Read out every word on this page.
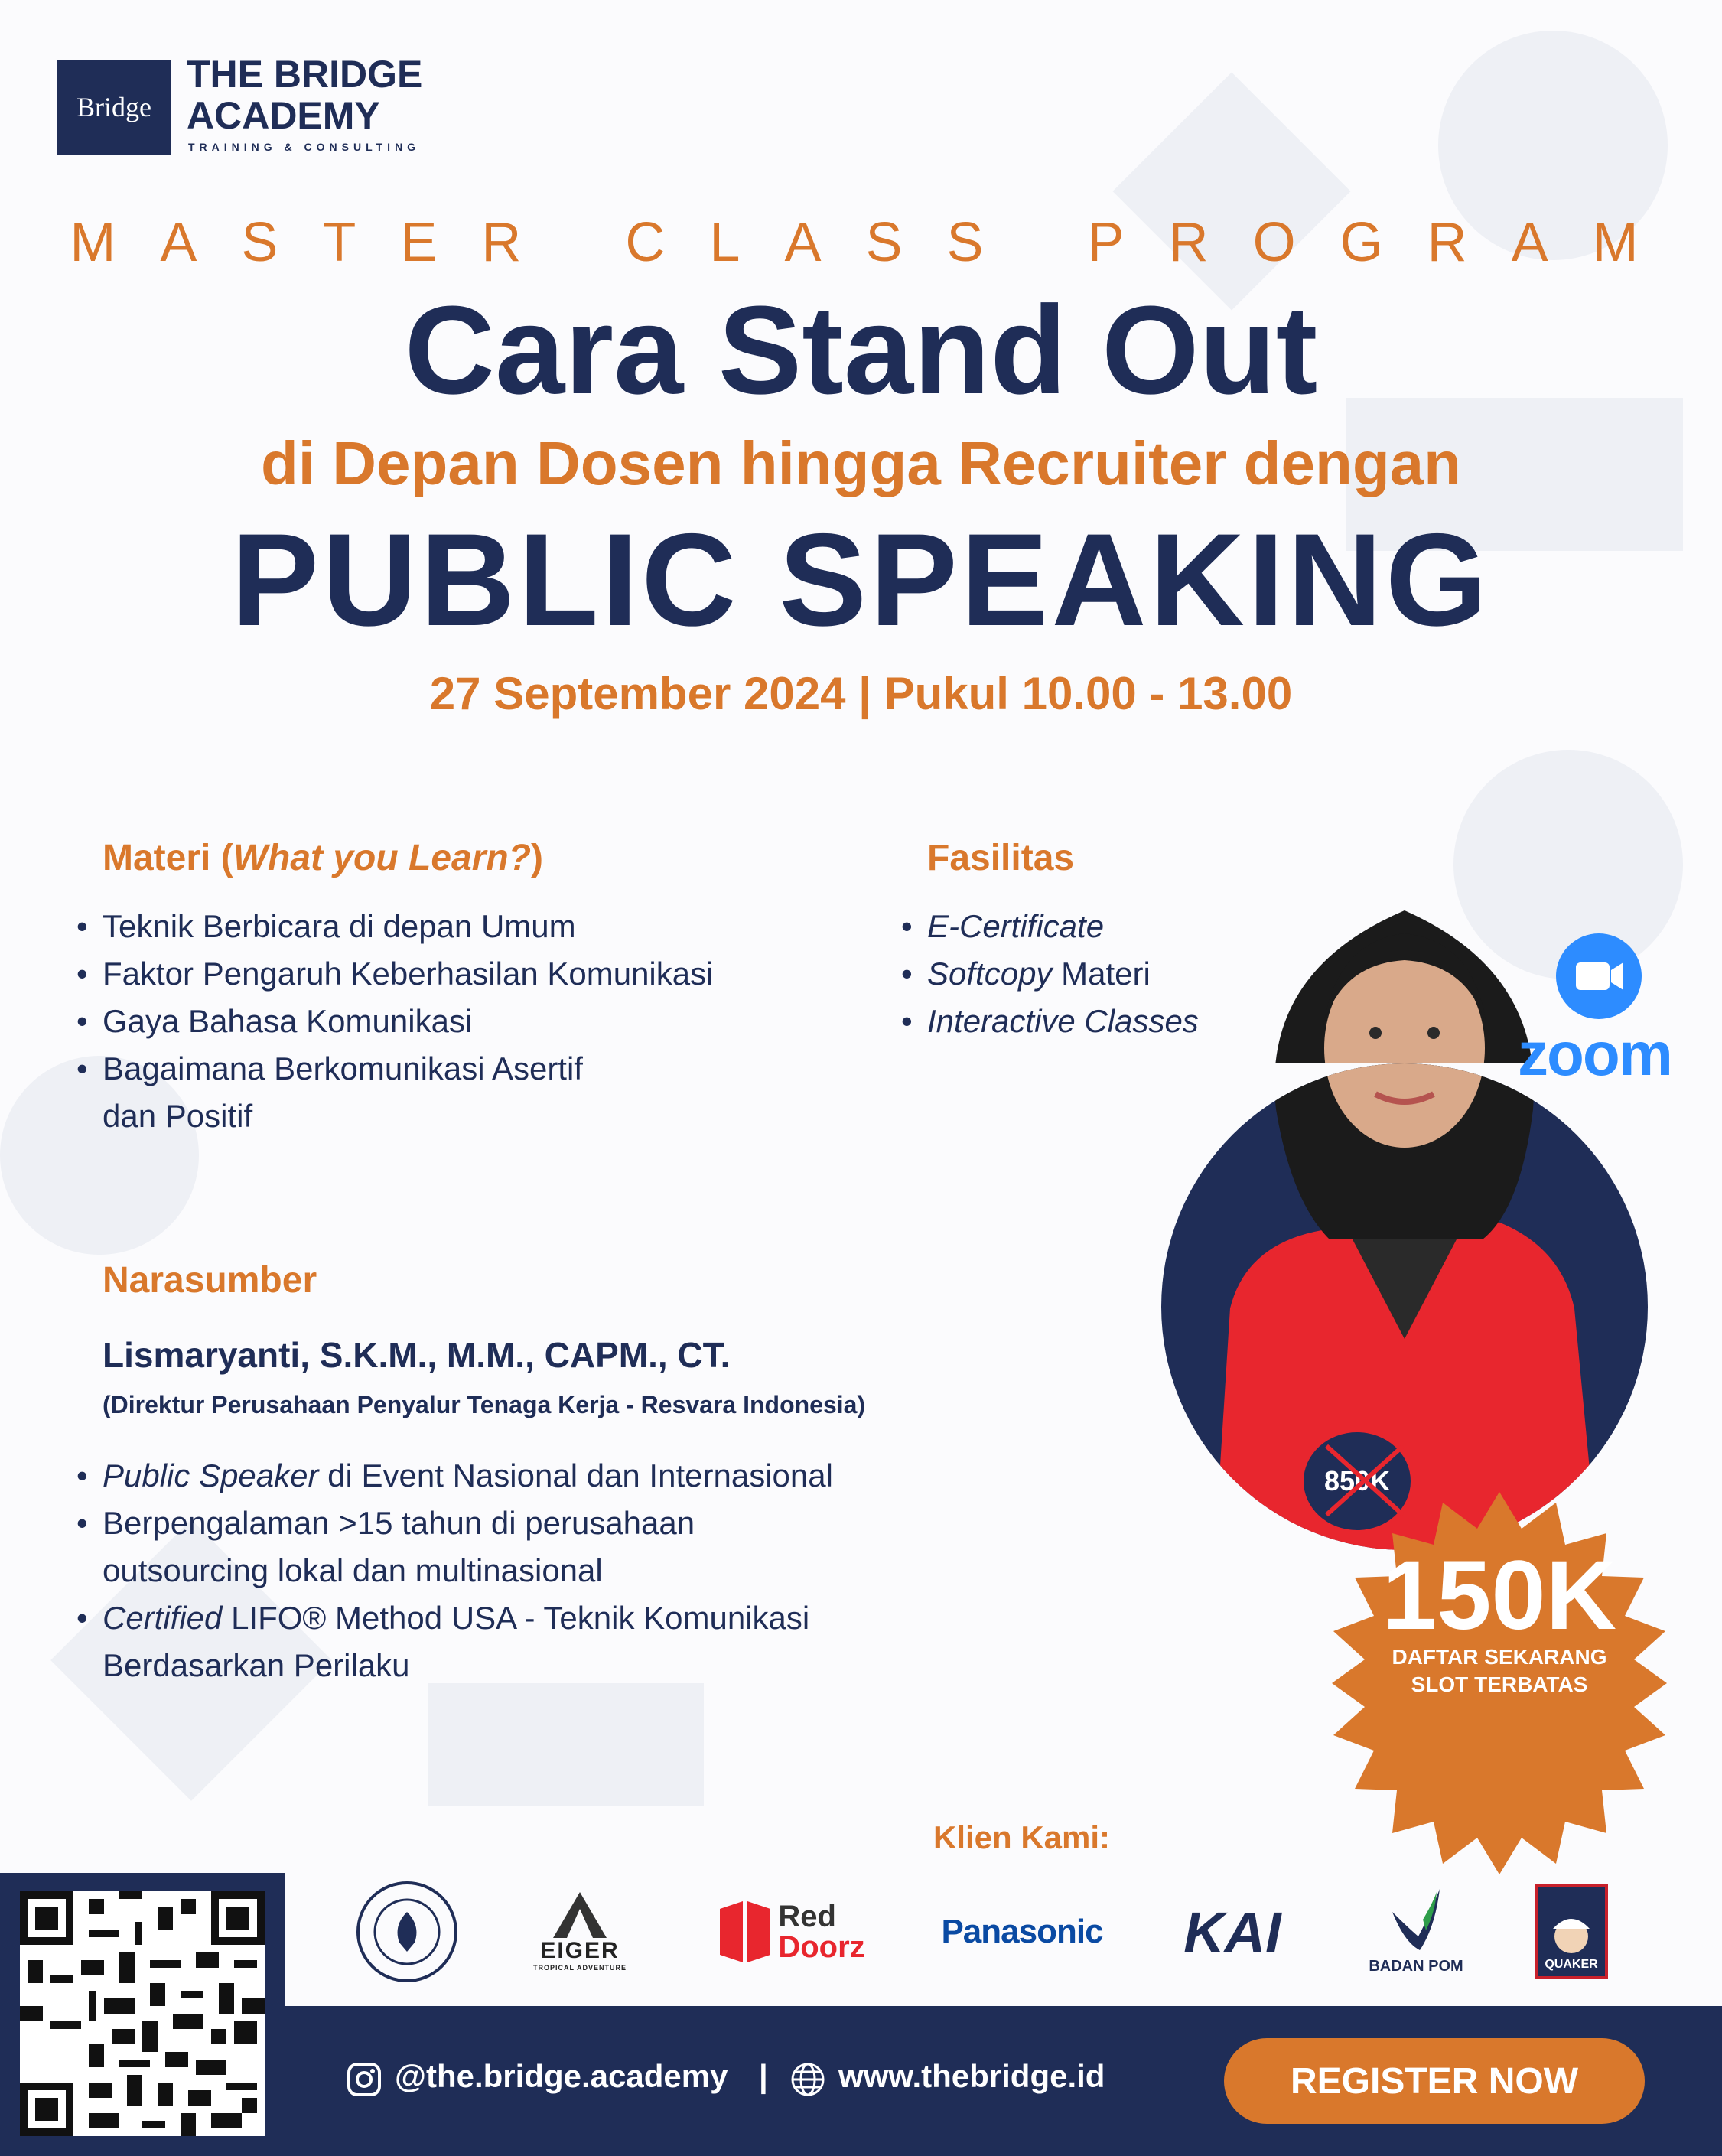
Bridge
THE BRIDGE
ACADEMY
TRAINING & CONSULTING
MASTER CLASS PROGRAM
Cara Stand Out
di Depan Dosen hingga Recruiter dengan
PUBLIC SPEAKING
27 September 2024 | Pukul 10.00 - 13.00
Materi (What you Learn?)
• Teknik Berbicara di depan Umum
• Faktor Pengaruh Keberhasilan Komunikasi
• Gaya Bahasa Komunikasi
• Bagaimana Berkomunikasi Asertif
dan Positif
Fasilitas
• E-Certificate
• Softcopy Materi
• Interactive Classes
Narasumber
Lismaryanti, S.K.M., M.M., CAPM., CT.
(Direktur Perusahaan Penyalur Tenaga Kerja - Resvara Indonesia)
• Public Speaker di Event Nasional dan Internasional
• Berpengalaman >15 tahun di perusahaan
outsourcing lokal dan multinasional
• Certified LIFO® Method USA - Teknik Komunikasi
Berdasarkan Perilaku
zoom
850K
150K
DAFTAR SEKARANG
SLOT TERBATAS
Klien Kami:
EIGER
TROPICAL ADVENTURE
Red
Doorz Panasonic KAI
BADAN POM	QUAKER
@the.bridge.academy | www.thebridge.id	REGISTER NOW
